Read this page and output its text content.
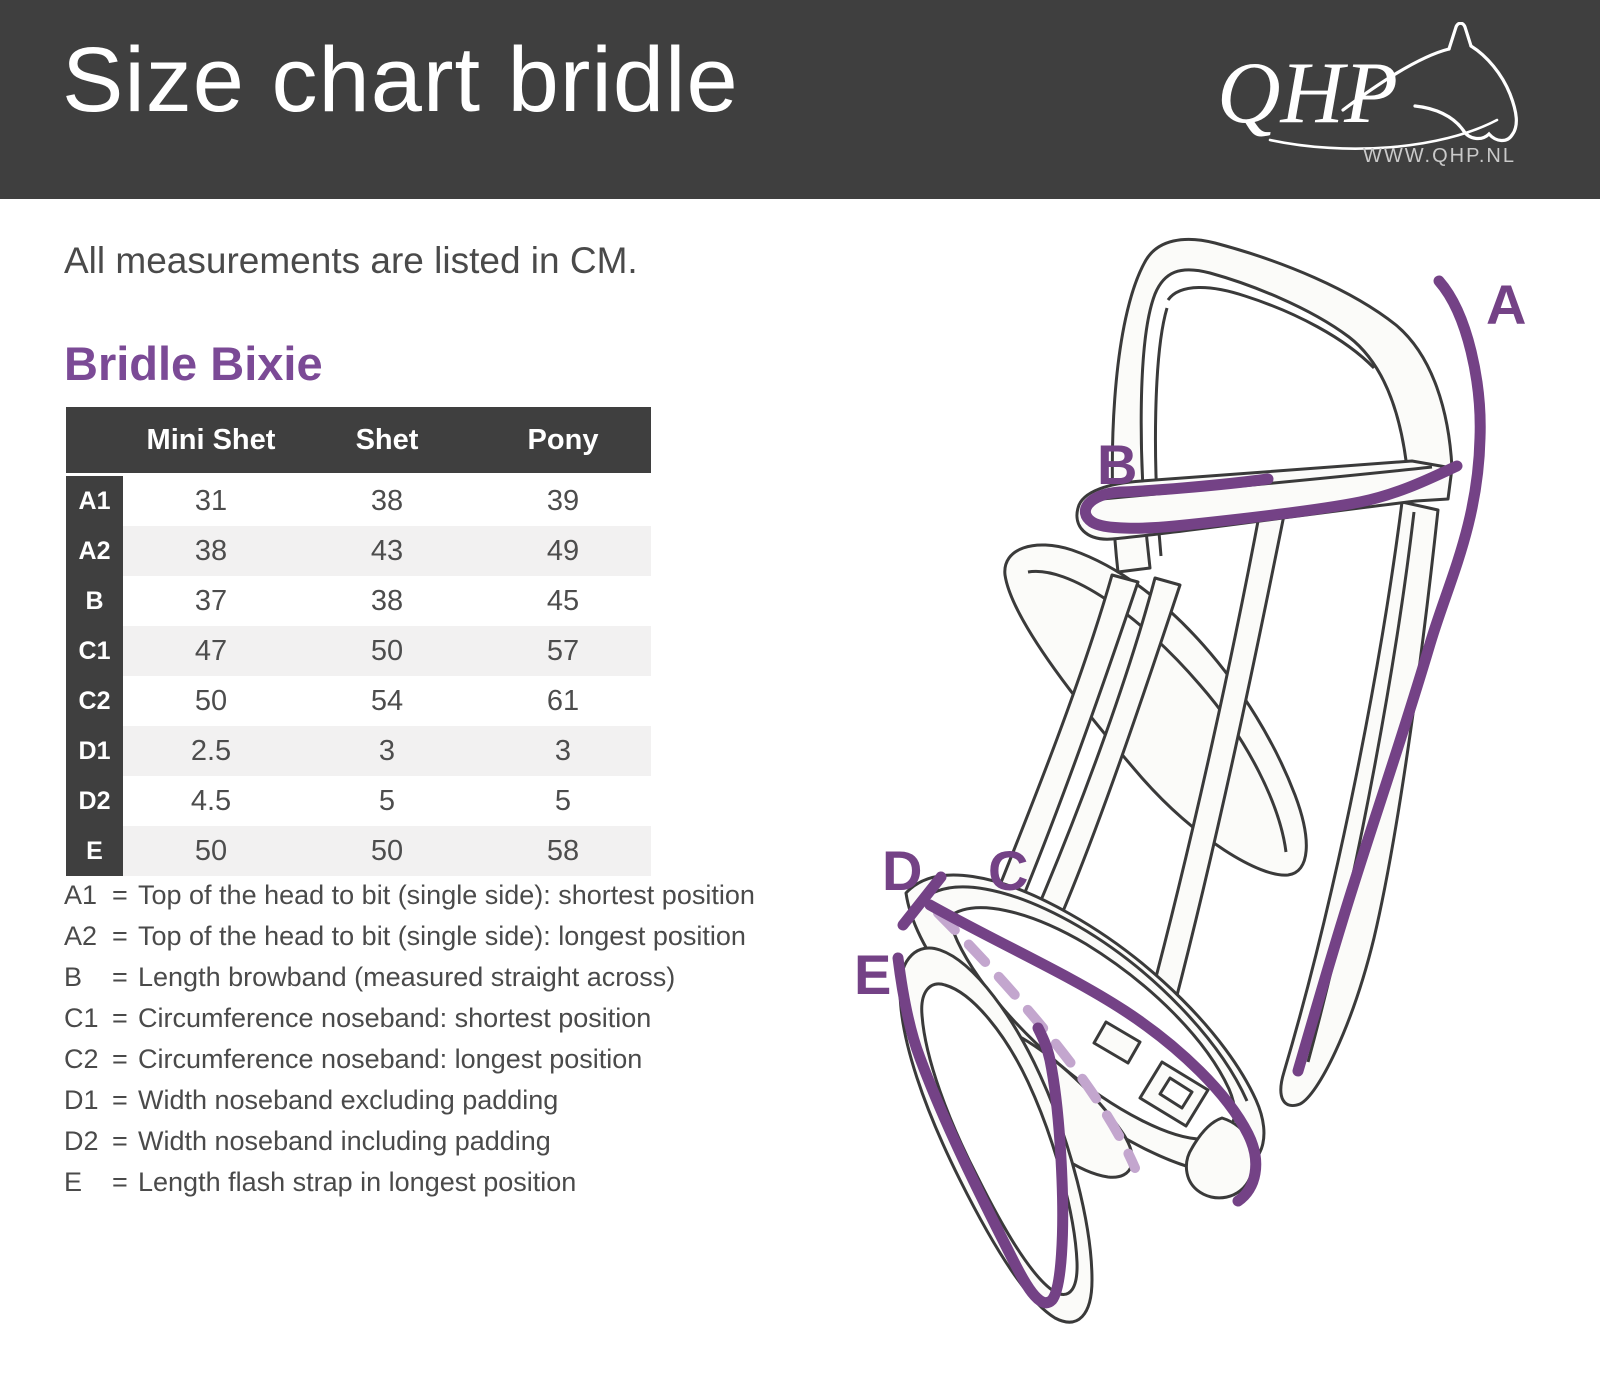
Size chart bridle	QHP
WWW.QHP.NL
All measurements are listed in CM.
Bridle Bixie
	Mini Shet	Shet	Pony
A1	31	38	39
A2	38	43	49
B	37	38	45
C1	47	50	57
C2	50	54	61
D1	2.5	3	3
D2	4.5	5	5
E	50	50	58
A1 = Top of the head to bit (single side): shortest position
A2 = Top of the head to bit (single side): longest position
B	= Length browband (measured straight across)
C1 = Circumference noseband: shortest position
C2 = Circumference noseband: longest position
D1 = Width noseband excluding padding
D2 = Width noseband including padding
E	= Length flash strap in longest position
A
B
C
D
E
